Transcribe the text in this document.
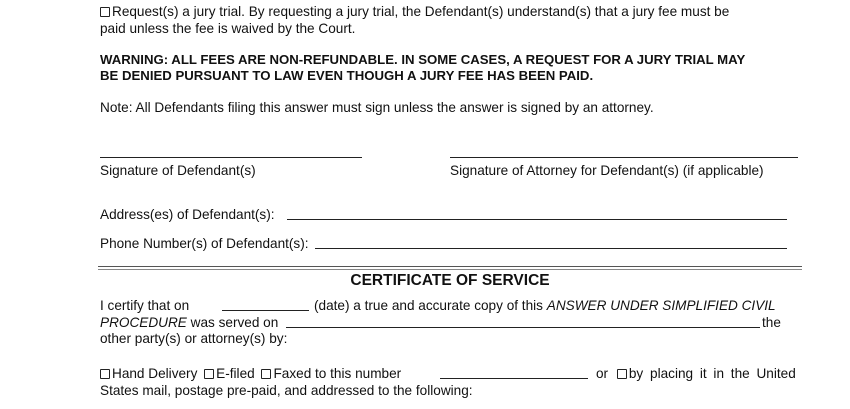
Request(s) a jury trial. By requesting a jury trial, the Defendant(s) understand(s) that a jury fee must be
paid unless the fee is waived by the Court.
WARNING: ALL FEES ARE NON-REFUNDABLE. IN SOME CASES, A REQUEST FOR A JURY TRIAL MAY
BE DENIED PURSUANT TO LAW EVEN THOUGH A JURY FEE HAS BEEN PAID.
Note: All Defendants filing this answer must sign unless the answer is signed by an attorney.
Signature of Defendant(s)	Signature of Attorney for Defendant(s) (if applicable)
Address(es) of Defendant(s):
Phone Number(s) of Defendant(s):
CERTIFICATE OF SERVICE
I certify that on	(date) a true and accurate copy of this ANSWER UNDER SIMPLIFIED CIVIL
PROCEDURE was served on	the
other party(s) or attorney(s) by:
Hand Delivery E-filed Faxed to this number	or by placing it in the United
States mail, postage pre-paid, and addressed to the following:
